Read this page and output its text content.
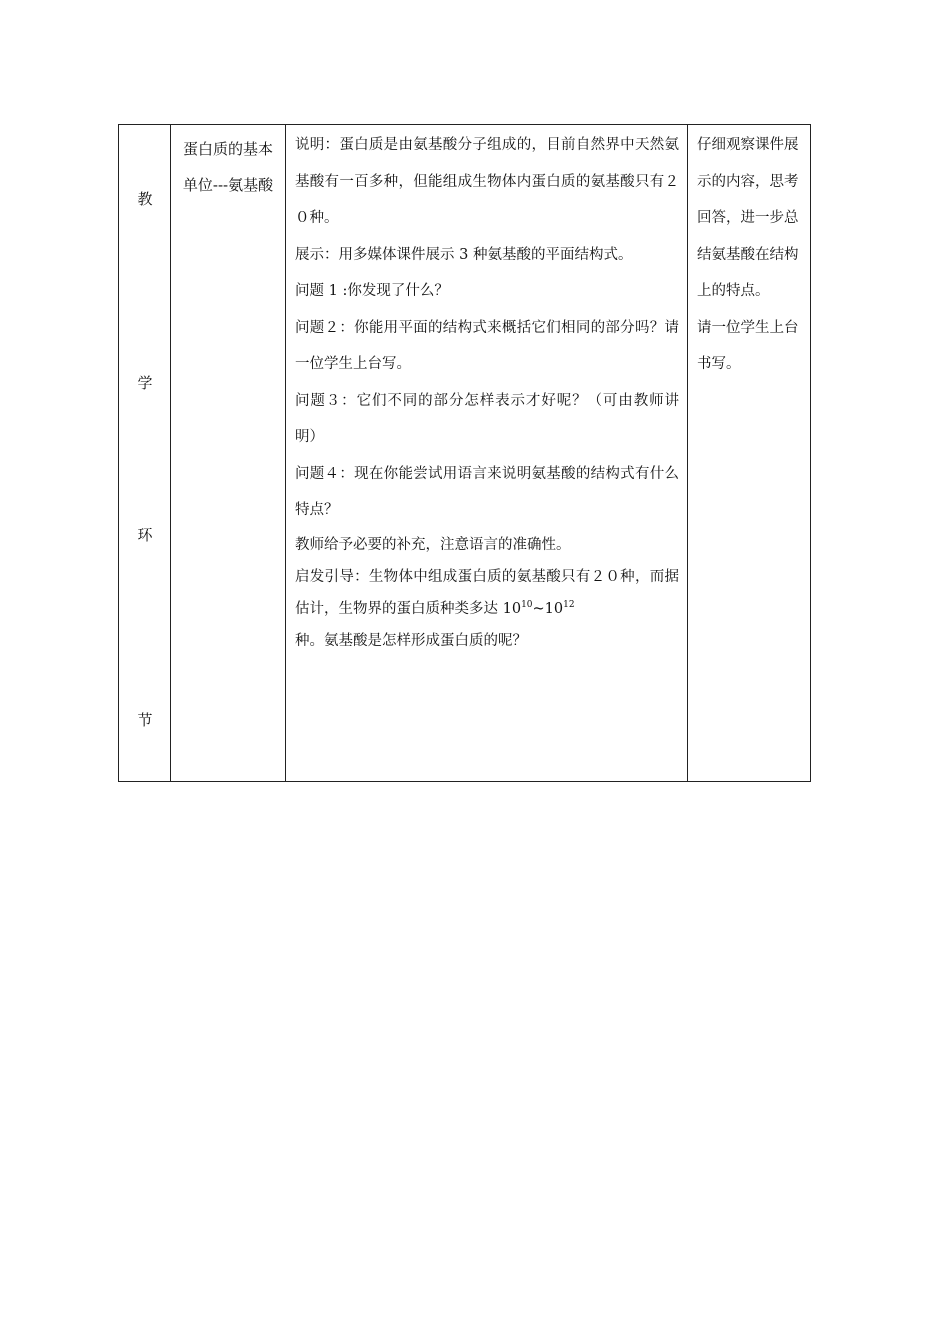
教
学
环
节
蛋白质的基本单位---氨基酸

说明：蛋白质是由氨基酸分子组成的，目前自然界中天然氨基酸有一百多种，但能组成生物体内蛋白质的氨基酸只有２０种。

展示：用多媒体课件展示 3 种氨基酸的平面结构式。

问题 1 :你发现了什么？

问题２：你能用平面的结构式来概括它们相同的部分吗？请一位学生上台写。

问题３：它们不同的部分怎样表示才好呢？（可由教师讲明）

问题４：现在你能尝试用语言来说明氨基酸的结构式有什么特点？

教师给予必要的补充，注意语言的准确性。

启发引导：生物体中组成蛋白质的氨基酸只有２０种，而据估计，生物界的蛋白质种类多达 $10^{10}\sim 10^{12}$
种。氨基酸是怎样形成蛋白质的呢？

仔细观察课件展示的内容，思考回答，进一步总结氨基酸在结构上的特点。

请一位学生上台书写。
